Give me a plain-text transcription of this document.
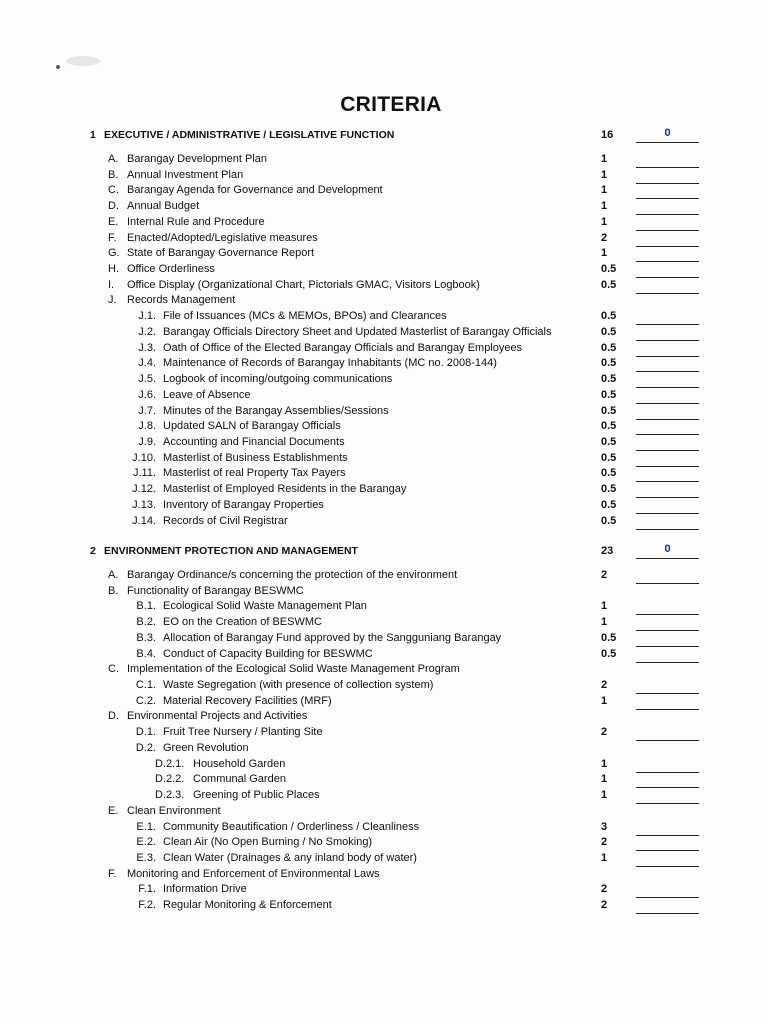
CRITERIA
1 EXECUTIVE / ADMINISTRATIVE / LEGISLATIVE FUNCTION	16	0
A. Barangay Development Plan	1
B. Annual Investment Plan	1
C. Barangay Agenda for Governance and Development	1
D. Annual Budget	1
E. Internal Rule and Procedure	1
F. Enacted/Adopted/Legislative measures	2
G. State of Barangay Governance Report	1
H. Office Orderliness	0.5
I. Office Display (Organizational Chart, Pictorials GMAC, Visitors Logbook)	0.5
J. Records Management
J.1. File of Issuances (MCs & MEMOs, BPOs) and Clearances	0.5
J.2. Barangay Officials Directory Sheet and Updated Masterlist of Barangay Officials	0.5
J.3. Oath of Office of the Elected Barangay Officials and Barangay Employees	0.5
J.4. Maintenance of Records of Barangay Inhabitants (MC no. 2008-144)	0.5
J.5. Logbook of incoming/outgoing communications	0.5
J.6. Leave of Absence	0.5
J.7. Minutes of the Barangay Assemblies/Sessions	0.5
J.8. Updated SALN of Barangay Officials	0.5
J.9. Accounting and Financial Documents	0.5
J.10. Masterlist of Business Establishments	0.5
J.11. Masterlist of real Property Tax Payers	0.5
J.12. Masterlist of Employed Residents in the Barangay	0.5
J.13. Inventory of Barangay Properties	0.5
J.14. Records of Civil Registrar	0.5
2 ENVIRONMENT PROTECTION AND MANAGEMENT	23	0
A. Barangay Ordinance/s concerning the protection of the environment	2
B. Functionality of Barangay BESWMC
B.1. Ecological Solid Waste Management Plan	1
B.2. EO on the Creation of BESWMC	1
B.3. Allocation of Barangay Fund approved by the Sangguniang Barangay	0.5
B.4. Conduct of Capacity Building for BESWMC	0.5
C. Implementation of the Ecological Solid Waste Management Program
C.1. Waste Segregation (with presence of collection system)	2
C.2. Material Recovery Facilities (MRF)	1
D. Environmental Projects and Activities
D.1. Fruit Tree Nursery / Planting Site	2
D.2. Green Revolution
D.2.1. Household Garden	1
D.2.2. Communal Garden	1
D.2.3. Greening of Public Places	1
E. Clean Environment
E.1. Community Beautification / Orderliness / Cleanliness	3
E.2. Clean Air (No Open Burning / No Smoking)	2
E.3. Clean Water (Drainages & any inland body of water)	1
F. Monitoring and Enforcement of Environmental Laws
F.1. Information Drive	2
F.2. Regular Monitoring & Enforcement	2
